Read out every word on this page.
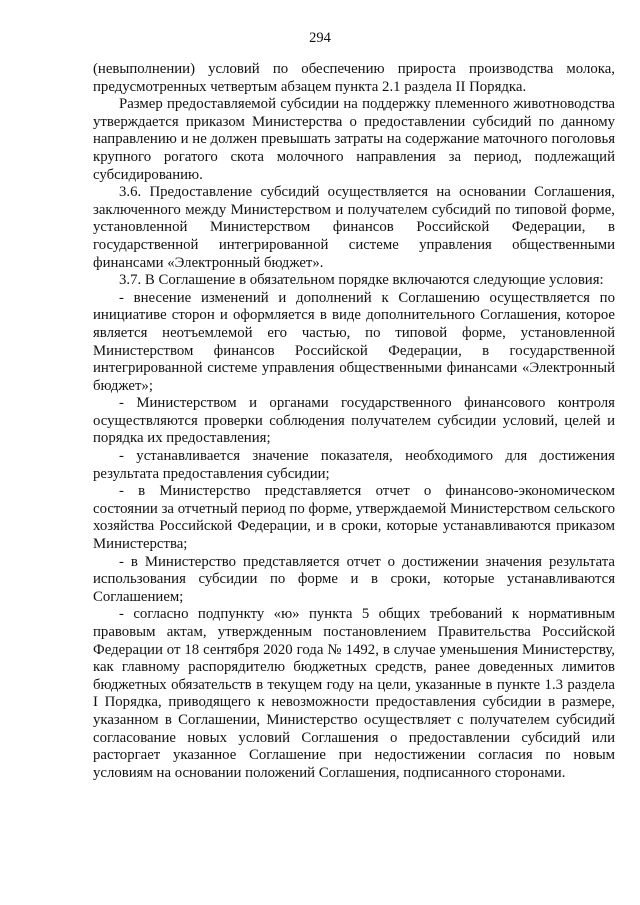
294

(невыполнении) условий по обеспечению прироста производства молока, предусмотренных четвертым абзацем пункта 2.1 раздела II Порядка.

Размер предоставляемой субсидии на поддержку племенного животноводства утверждается приказом Министерства о предоставлении субсидий по данному направлению и не должен превышать затраты на содержание маточного поголовья крупного рогатого скота молочного направления за период, подлежащий субсидированию.

3.6. Предоставление субсидий осуществляется на основании Соглашения, заключенного между Министерством и получателем субсидий по типовой форме, установленной Министерством финансов Российской Федерации, в государственной интегрированной системе управления общественными финансами «Электронный бюджет».

3.7. В Соглашение в обязательном порядке включаются следующие условия:

- внесение изменений и дополнений к Соглашению осуществляется по инициативе сторон и оформляется в виде дополнительного Соглашения, которое является неотъемлемой его частью, по типовой форме, установленной Министерством финансов Российской Федерации, в государственной интегрированной системе управления общественными финансами «Электронный бюджет»;

- Министерством и органами государственного финансового контроля осуществляются проверки соблюдения получателем субсидии условий, целей и порядка их предоставления;

- устанавливается значение показателя, необходимого для достижения результата предоставления субсидии;

- в Министерство представляется отчет о финансово-экономическом состоянии за отчетный период по форме, утверждаемой Министерством сельского хозяйства Российской Федерации, и в сроки, которые устанавливаются приказом Министерства;

- в Министерство представляется отчет о достижении значения результата использования субсидии по форме и в сроки, которые устанавливаются Соглашением;

- согласно подпункту «ю» пункта 5 общих требований к нормативным правовым актам, утвержденным постановлением Правительства Российской Федерации от 18 сентября 2020 года № 1492, в случае уменьшения Министерству, как главному распорядителю бюджетных средств, ранее доведенных лимитов бюджетных обязательств в текущем году на цели, указанные в пункте 1.3 раздела I Порядка, приводящего к невозможности предоставления субсидии в размере, указанном в Соглашении, Министерство осуществляет с получателем субсидий согласование новых условий Соглашения о предоставлении субсидий или расторгает указанное Соглашение при недостижении согласия по новым условиям на основании положений Соглашения, подписанного сторонами.
